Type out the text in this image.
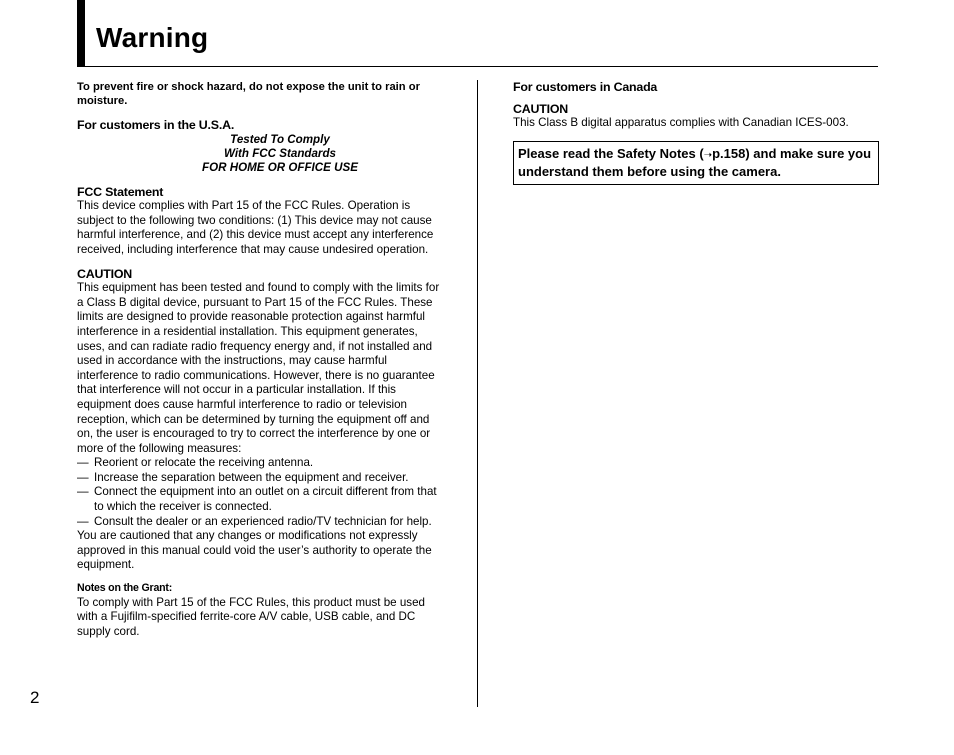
Warning

To prevent fire or shock hazard, do not expose the unit to rain or moisture.

For customers in the U.S.A.

Tested To Comply
With FCC Standards
FOR HOME OR OFFICE USE

FCC Statement

This device complies with Part 15 of the FCC Rules. Operation is subject to the following two conditions: (1) This device may not cause harmful interference, and (2) this device must accept any interference received, including interference that may cause undesired operation.

CAUTION

This equipment has been tested and found to comply with the limits for a Class B digital device, pursuant to Part 15 of the FCC Rules. These limits are designed to provide reasonable protection against harmful interference in a residential installation. This equipment generates, uses, and can radiate radio frequency energy and, if not installed and used in accordance with the instructions, may cause harmful interference to radio communications. However, there is no guarantee that interference will not occur in a particular installation. If this equipment does cause harmful interference to radio or television reception, which can be determined by turning the equipment off and on, the user is encouraged to try to correct the interference by one or more of the following measures:

— Reorient or relocate the receiving antenna.
— Increase the separation between the equipment and receiver.
— Connect the equipment into an outlet on a circuit different from that to which the receiver is connected.
— Consult the dealer or an experienced radio/TV technician for help.

You are cautioned that any changes or modifications not expressly approved in this manual could void the user’s authority to operate the equipment.

Notes on the Grant:

To comply with Part 15 of the FCC Rules, this product must be used with a Fujifilm-specified ferrite-core A/V cable, USB cable, and DC supply cord.

For customers in Canada

CAUTION

This Class B digital apparatus complies with Canadian ICES-003.

Please read the Safety Notes (➝p.158) and make sure you understand them before using the camera.
2
